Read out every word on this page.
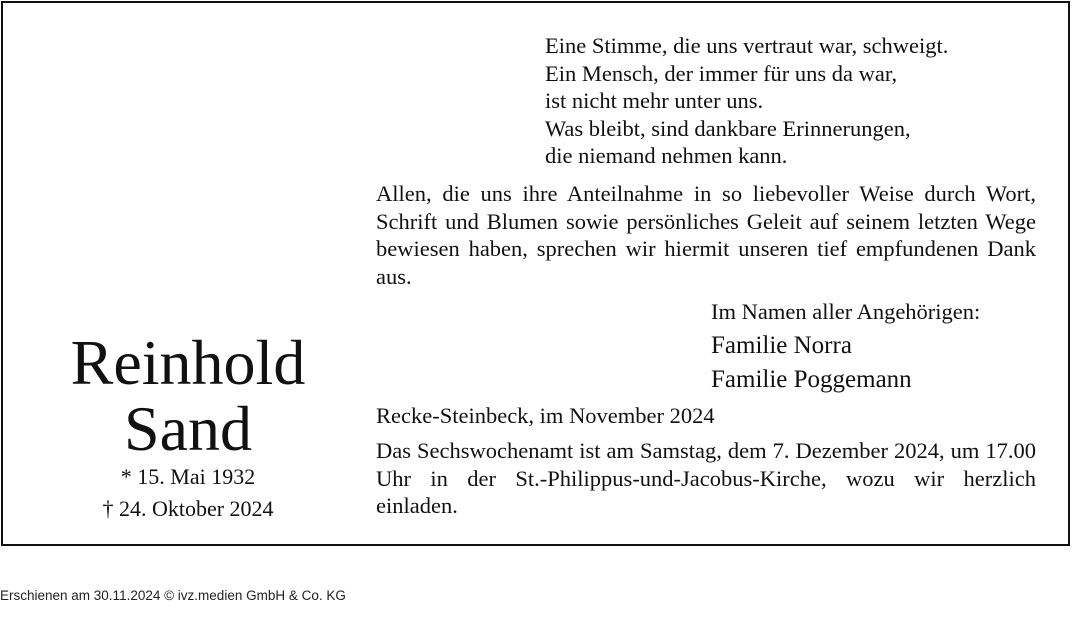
Reinhold
Sand
* 15. Mai 1932
† 24. Oktober 2024
Eine Stimme, die uns vertraut war, schweigt.
Ein Mensch, der immer für uns da war,
ist nicht mehr unter uns.
Was bleibt, sind dankbare Erinnerungen,
die niemand nehmen kann.
Allen, die uns ihre Anteilnahme in so liebevoller Weise durch Wort, Schrift und Blumen sowie persönliches Geleit auf seinem letzten Wege bewiesen haben, sprechen wir hiermit unseren tief empfundenen Dank aus.
Im Namen aller Angehörigen:
Familie Norra
Familie Poggemann
Recke-Steinbeck, im November 2024
Das Sechswochenamt ist am Samstag, dem 7. Dezember 2024, um 17.00 Uhr in der St.-Philippus-und-Jacobus-Kirche, wozu wir herzlich einladen.
Erschienen am 30.11.2024 © ivz.medien GmbH & Co. KG
